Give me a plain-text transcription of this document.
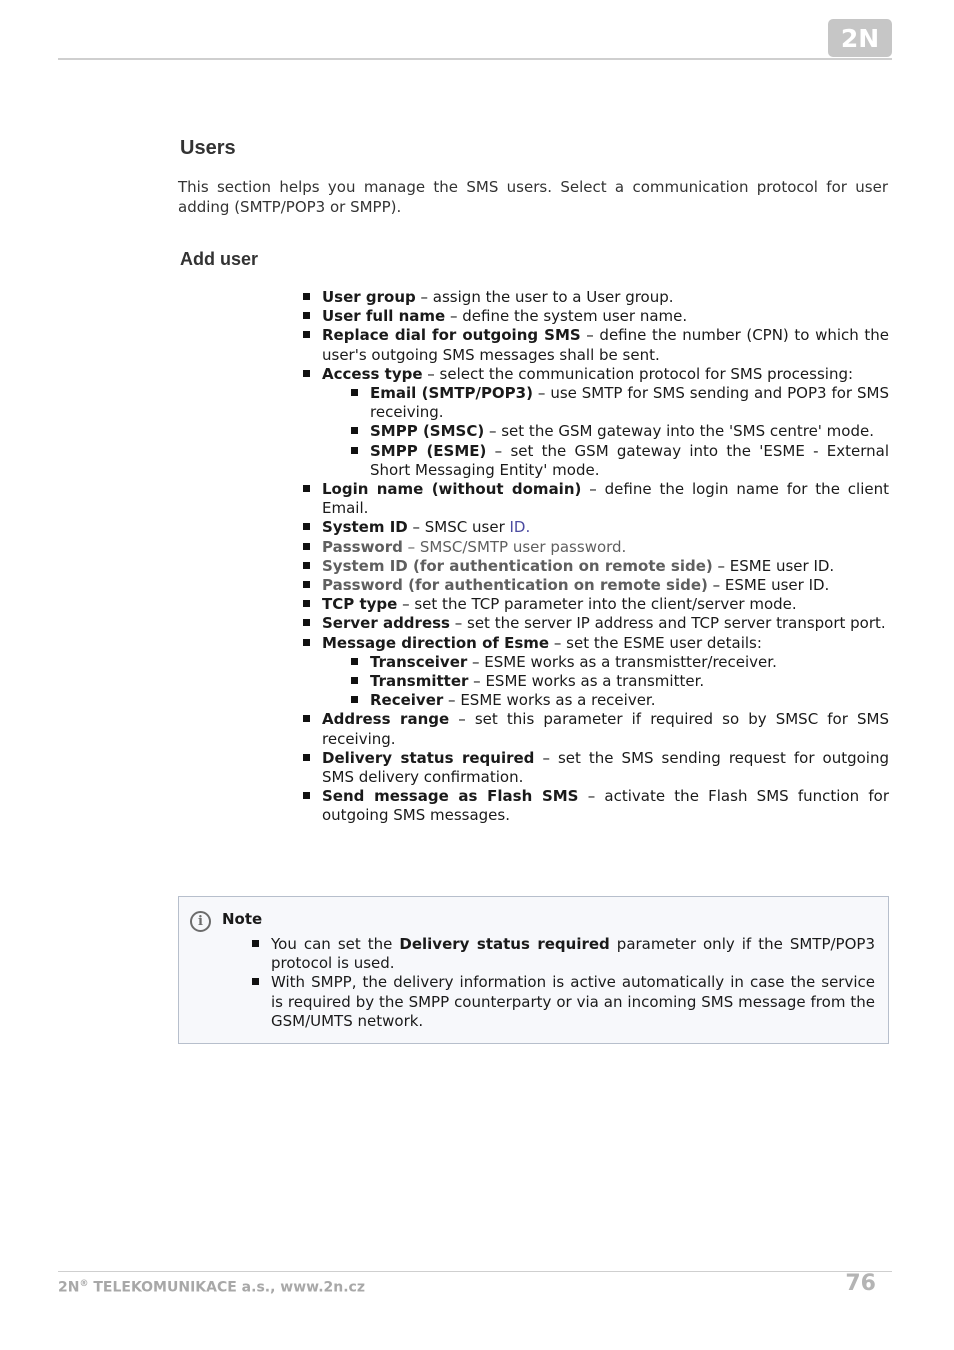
2N
Users

This section helps you manage the SMS users. Select a communication protocol for user adding (SMTP/POP3 or SMPP).

Add user
User group – assign the user to a User group.
User full name – define the system user name.
Replace dial for outgoing SMS – define the number (CPN) to which the user's outgoing SMS messages shall be sent.
Access type – select the communication protocol for SMS processing:
Email (SMTP/POP3) – use SMTP for SMS sending and POP3 for SMS receiving.
SMPP (SMSC) – set the GSM gateway into the 'SMS centre' mode.
SMPP (ESME) – set the GSM gateway into the 'ESME - External Short Messaging Entity' mode.
Login name (without domain) – define the login name for the client Email.
System ID – SMSC user ID.
Password – SMSC/SMTP user password.
System ID (for authentication on remote side) – ESME user ID.
Password (for authentication on remote side) – ESME user ID.
TCP type – set the TCP parameter into the client/server mode.
Server address – set the server IP address and TCP server transport port.
Message direction of Esme – set the ESME user details:
Transceiver – ESME works as a transmistter/receiver.
Transmitter – ESME works as a transmitter.
Receiver – ESME works as a receiver.
Address range – set this parameter if required so by SMSC for SMS receiving.
Delivery status required – set the SMS sending request for outgoing SMS delivery confirmation.
Send message as Flash SMS – activate the Flash SMS function for outgoing SMS messages.
i	Note
You can set the Delivery status required parameter only if the SMTP/POP3 protocol is used.
With SMPP, the delivery information is active automatically in case the service is required by the SMPP counterparty or via an incoming SMS message from the GSM/UMTS network.
2N® TELEKOMUNIKACE a.s., www.2n.cz	76
